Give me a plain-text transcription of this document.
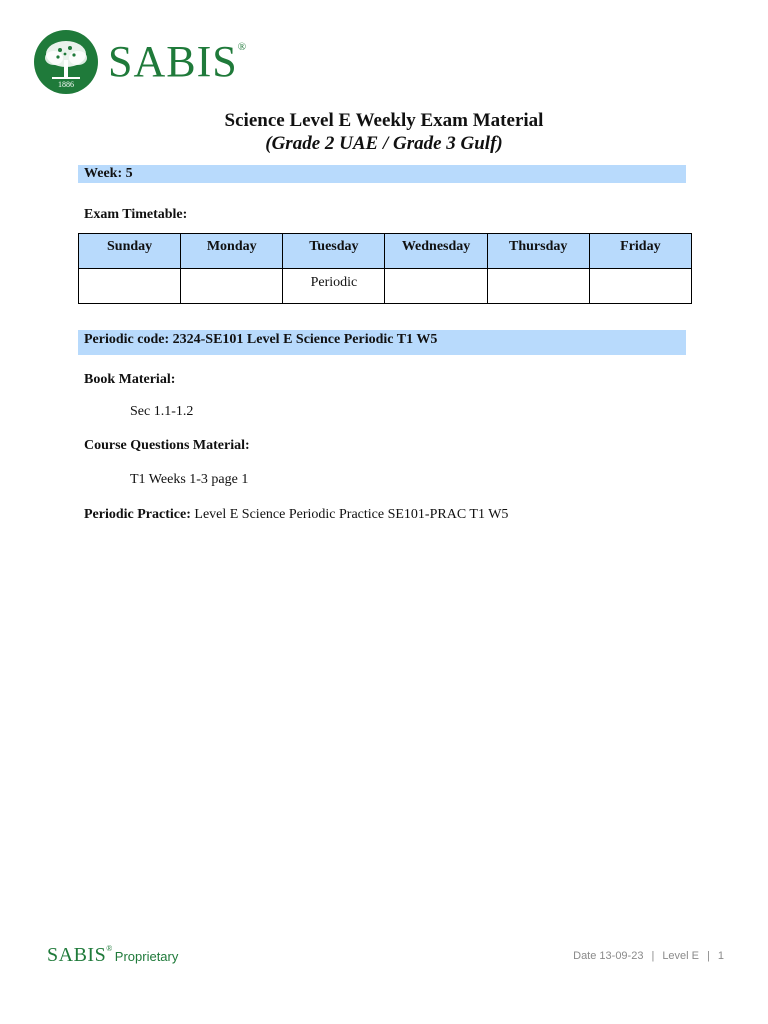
1886 SABIS®
Science Level E Weekly Exam Material
(Grade 2 UAE / Grade 3 Gulf)
Week: 5
Exam Timetable:
Sunday	Monday	Tuesday	Wednesday	Thursday	Friday
		Periodic			
Periodic code: 2324-SE101 Level E Science Periodic T1 W5
Book Material:
Sec 1.1-1.2
Course Questions Material:
T1 Weeks 1-3 page 1
Periodic Practice: Level E Science Periodic Practice SE101-PRAC T1 W5
SABIS®
Proprietary	Date 13-09-23 | Level E | 1
